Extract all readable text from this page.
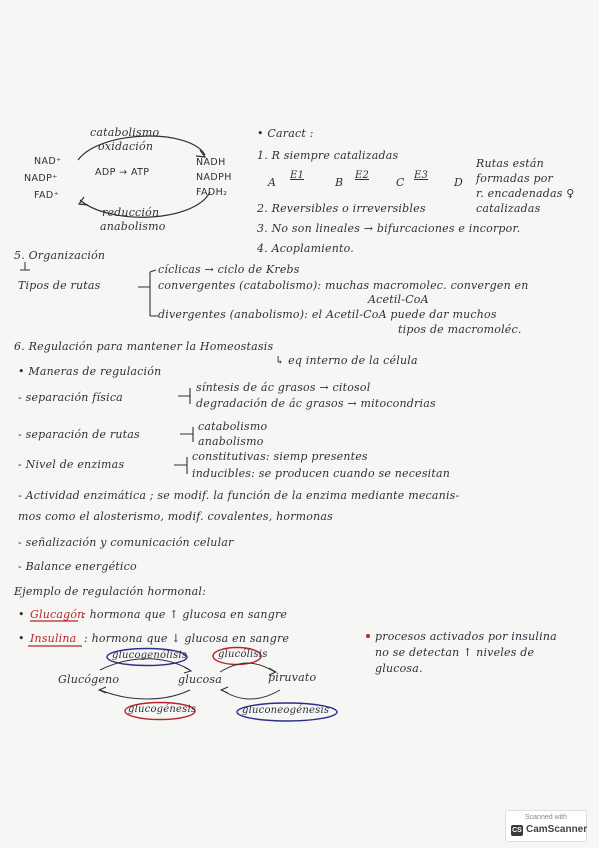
catabolismo
oxidación
NAD⁺
NADP⁺
FAD⁺
ADP → ATP
NADH
NADPH
FADH₂
reducción
anabolismo
• Caract :
1. R siempre catalizadas
A
E1
B
E2
C
E3
D
Rutas están
formadas por
r. encadenadas ♀
catalizadas
2. Reversibles o irreversibles
3. No son lineales → bifurcaciones e incorpor.
4. Acoplamiento.
5. Organización
Tipos de rutas
cíclicas → ciclo de Krebs
convergentes (catabolismo): muchas macromolec. convergen en
Acetil-CoA
divergentes (anabolismo): el Acetil-CoA puede dar muchos
tipos de macromoléc.
6. Regulación para mantener la Homeostasis
↳ eq interno de la célula
• Maneras de regulación
- separación física
síntesis de ác grasos → citosol
degradación de ác grasos → mitocondrias
- separación de rutas
catabolismo
anabolismo
- Nivel de enzimas
constitutivas: siemp presentes
inducibles: se producen cuando se necesitan
- Actividad enzimática ; se modif. la función de la enzima mediante mecanis-
mos como el alosterismo, modif. covalentes, hormonas
- señalización y comunicación celular
- Balance energético
Ejemplo de regulación hormonal:
• Glucagón
: hormona que ↑ glucosa en sangre
• Insulina : hormona que ↓ glucosa en sangre	procesos activados por insulina
no se detectan ↑ niveles de
glucosa.
glucogenólisis	glucólisis
Glucógeno	glucosa	piruvato
glucogénesis	gluconeogénesis
Scanned with
CS CamScanner
